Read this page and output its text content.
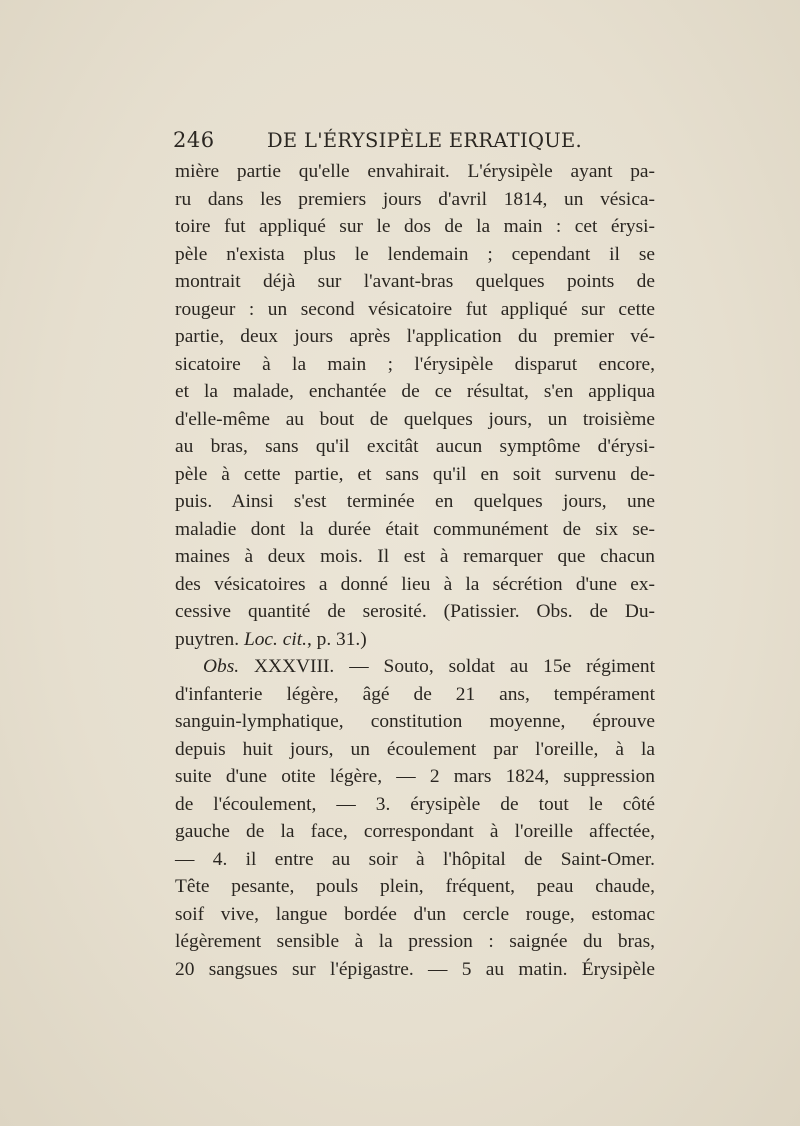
246	DE L'ÉRYSIPÈLE ERRATIQUE.
mière partie qu'elle envahirait. L'érysipèle ayant pa-
ru dans les premiers jours d'avril 1814, un vésica-
toire fut appliqué sur le dos de la main : cet érysi-
pèle n'exista plus le lendemain ; cependant il se
montrait déjà sur l'avant-bras quelques points de
rougeur : un second vésicatoire fut appliqué sur cette
partie, deux jours après l'application du premier vé-
sicatoire à la main ; l'érysipèle disparut encore,
et la malade, enchantée de ce résultat, s'en appliqua
d'elle-même au bout de quelques jours, un troisième
au bras, sans qu'il excitât aucun symptôme d'érysi-
pèle à cette partie, et sans qu'il en soit survenu de-
puis. Ainsi s'est terminée en quelques jours, une
maladie dont la durée était communément de six se-
maines à deux mois. Il est à remarquer que chacun
des vésicatoires a donné lieu à la sécrétion d'une ex-
cessive quantité de serosité. (Patissier. Obs. de Du-
puytren. Loc. cit., p. 31.)
Obs. XXXVIII. — Souto, soldat au 15e régiment
d'infanterie légère, âgé de 21 ans, tempérament
sanguin-lymphatique, constitution moyenne, éprouve
depuis huit jours, un écoulement par l'oreille, à la
suite d'une otite légère, — 2 mars 1824, suppression
de l'écoulement, — 3. érysipèle de tout le côté
gauche de la face, correspondant à l'oreille affectée,
— 4. il entre au soir à l'hôpital de Saint-Omer.
Tête pesante, pouls plein, fréquent, peau chaude,
soif vive, langue bordée d'un cercle rouge, estomac
légèrement sensible à la pression : saignée du bras,
20 sangsues sur l'épigastre. — 5 au matin. Érysipèle
